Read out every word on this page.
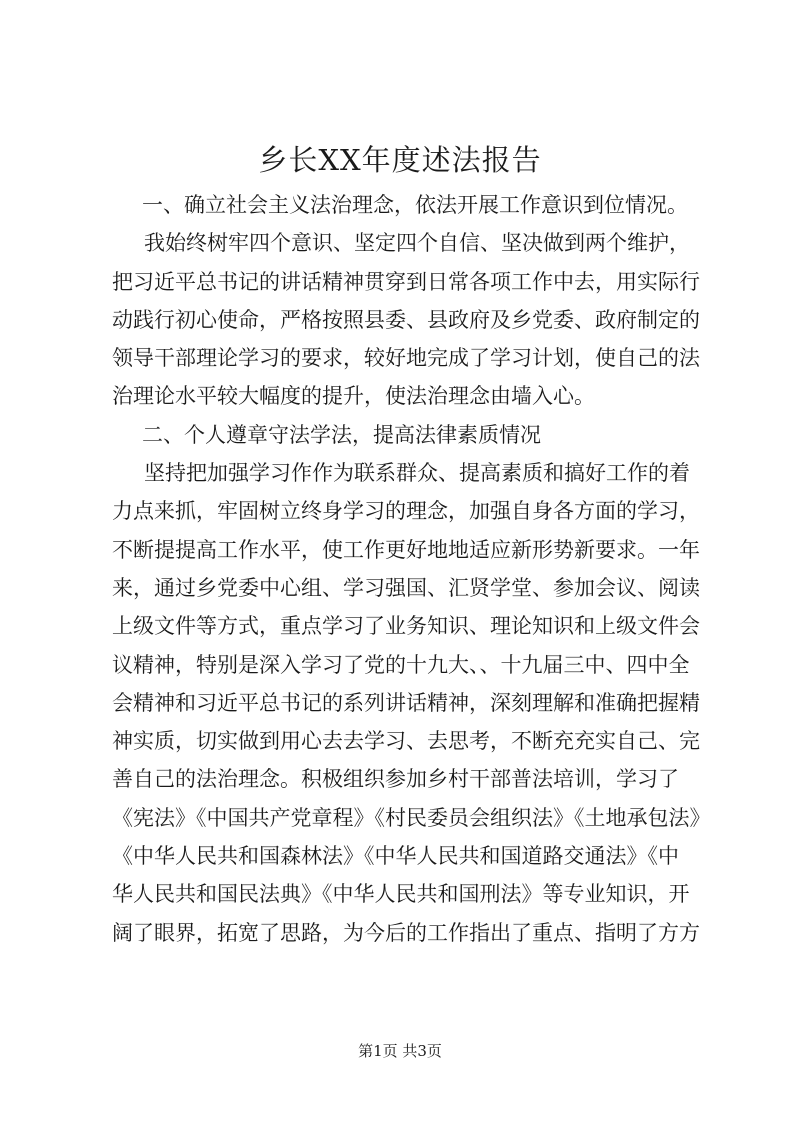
乡长XX年度述法报告
一、确立社会主义法治理念，依法开展工作意识到位情况。
我始终树牢四个意识、坚定四个自信、坚决做到两个维护，
把习近平总书记的讲话精神贯穿到日常各项工作中去，用实际行
动践行初心使命，严格按照县委、县政府及乡党委、政府制定的
领导干部理论学习的要求，较好地完成了学习计划，使自己的法
治理论水平较大幅度的提升，使法治理念由墙入心。
二、个人遵章守法学法，提高法律素质情况
坚持把加强学习作作为联系群众、提高素质和搞好工作的着
力点来抓，牢固树立终身学习的理念，加强自身各方面的学习，
不断提提高工作水平，使工作更好地地适应新形势新要求。一年
来，通过乡党委中心组、学习强国、汇贤学堂、参加会议、阅读
上级文件等方式，重点学习了业务知识、理论知识和上级文件会
议精神，特别是深入学习了党的十九大、、十九届三中、四中全
会精神和习近平总书记的系列讲话精神，深刻理解和准确把握精
神实质，切实做到用心去去学习、去思考，不断充充实自己、完
善自己的法治理念。积极组织参加乡村干部普法培训，学习了
《宪法》《中国共产党章程》《村民委员会组织法》《土地承包法》
《中华人民共和国森林法》《中华人民共和国道路交通法》《中
华人民共和国民法典》《中华人民共和国刑法》等专业知识，开
阔了眼界，拓宽了思路，为今后的工作指出了重点、指明了方方
第1页 共3页
